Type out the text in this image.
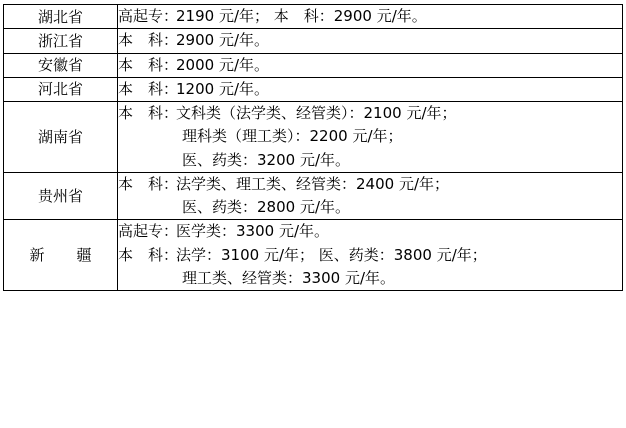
湖北省	高起专：2190 元/年； 本　科：2900 元/年。

浙江省	本　科：2900 元/年。

安徽省	本　科：2000 元/年。

河北省	本　科：1200 元/年。

湖南省	本　科：文科类（法学类、经管类）：2100 元/年；
理科类（理工类）：2200 元/年；
医、药类：3200 元/年。

贵州省	本　科：法学类、理工类、经管类：2400 元/年；
医、药类：2800 元/年。

新　疆	高起专：医学类：3300 元/年。
本　科：法学：3100 元/年； 医、药类：3800 元/年；
理工类、经管类：3300 元/年。
